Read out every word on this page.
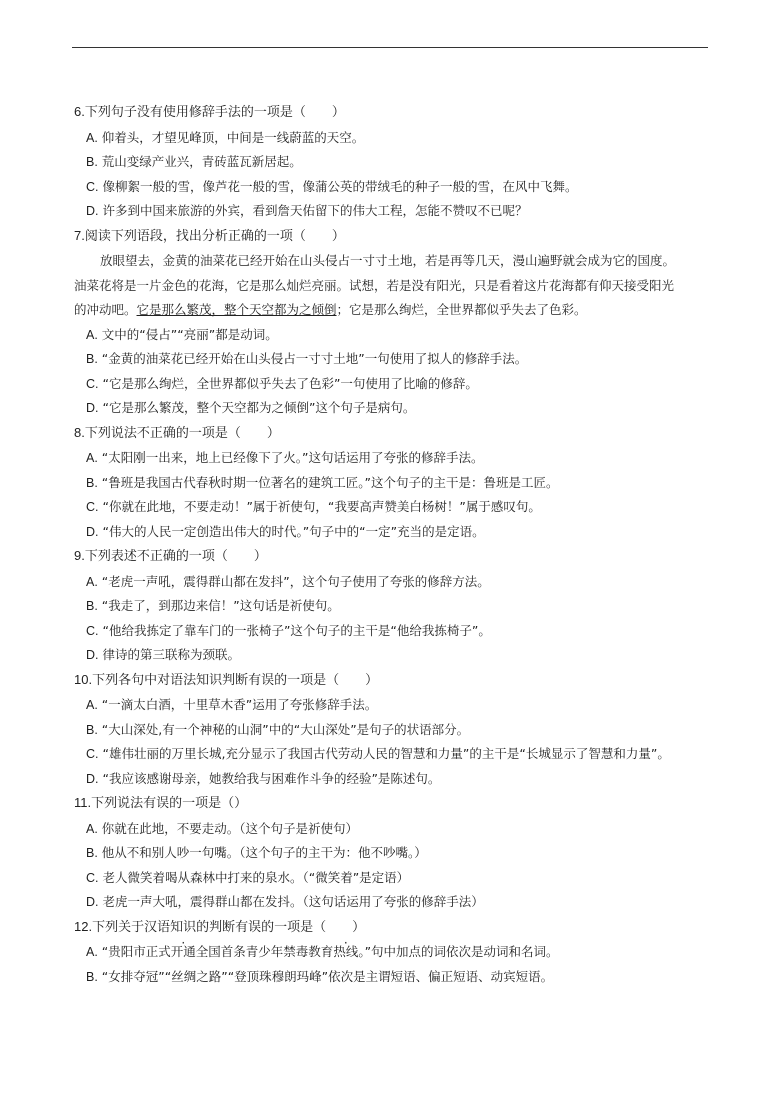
6.下列句子没有使用修辞手法的一项是（　　）

A. 仰着头，才望见峰顶，中间是一线蔚蓝的天空。

B. 荒山变绿产业兴，青砖蓝瓦新居起。

C. 像柳絮一般的雪，像芦花一般的雪，像蒲公英的带绒毛的种子一般的雪，在风中飞舞。

D. 许多到中国来旅游的外宾，看到詹天佑留下的伟大工程，怎能不赞叹不已呢？

7.阅读下列语段，找出分析正确的一项（　　）

放眼望去，金黄的油菜花已经开始在山头侵占一寸寸土地，若是再等几天，漫山遍野就会成为它的国度。油菜花将是一片金色的花海，它是那么灿烂亮丽。试想，若是没有阳光，只是看着这片花海都有仰天接受阳光的冲动吧。它是那么繁茂，整个天空都为之倾倒；它是那么绚烂，全世界都似乎失去了色彩。

A. 文中的“侵占”“亮丽”都是动词。

B. “金黄的油菜花已经开始在山头侵占一寸寸土地”一句使用了拟人的修辞手法。

C. “它是那么绚烂，全世界都似乎失去了色彩”一句使用了比喻的修辞。

D. “它是那么繁茂，整个天空都为之倾倒”这个句子是病句。

8.下列说法不正确的一项是（　　）

A. “太阳刚一出来，地上已经像下了火。”这句话运用了夸张的修辞手法。

B. “鲁班是我国古代春秋时期一位著名的建筑工匠。”这个句子的主干是：鲁班是工匠。

C. “你就在此地，不要走动！”属于祈使句，“我要高声赞美白杨树！”属于感叹句。

D. “伟大的人民一定创造出伟大的时代。”句子中的“一定”充当的是定语。

9.下列表述不正确的一项（　　）

A. “老虎一声吼，震得群山都在发抖”，这个句子使用了夸张的修辞方法。

B. “我走了，到那边来信！”这句话是祈使句。

C. “他给我拣定了靠车门的一张椅子”这个句子的主干是“他给我拣椅子”。

D. 律诗的第三联称为颈联。

10.下列各句中对语法知识判断有误的一项是（　　）

A. “一滴太白酒，十里草木香”运用了夸张修辞手法。

B. “大山深处,有一个神秘的山洞”中的“大山深处”是句子的状语部分。

C. “雄伟壮丽的万里长城,充分显示了我国古代劳动人民的智慧和力量”的主干是“长城显示了智慧和力量”。

D. “我应该感谢母亲，她教给我与困难作斗争的经验”是陈述句。

11.下列说法有误的一项是（）

A. 你就在此地，不要走动。（这个句子是祈使句）

B. 他从不和别人吵一句嘴。（这个句子的主干为：他不吵嘴。）

C. 老人微笑着喝从森林中打来的泉水。（“微笑着”是定语）

D. 老虎一声大吼，震得群山都在发抖。（这句话运用了夸张的修辞手法）

12.下列关于汉语知识的判断有误的一项是（　　）

A. “贵阳市正式开通全国首条青少年禁毒教育热线。”句中加点的词依次是动词和名词。

B. “女排夺冠”“丝绸之路”“登顶珠穆朗玛峰”依次是主谓短语、偏正短语、动宾短语。
